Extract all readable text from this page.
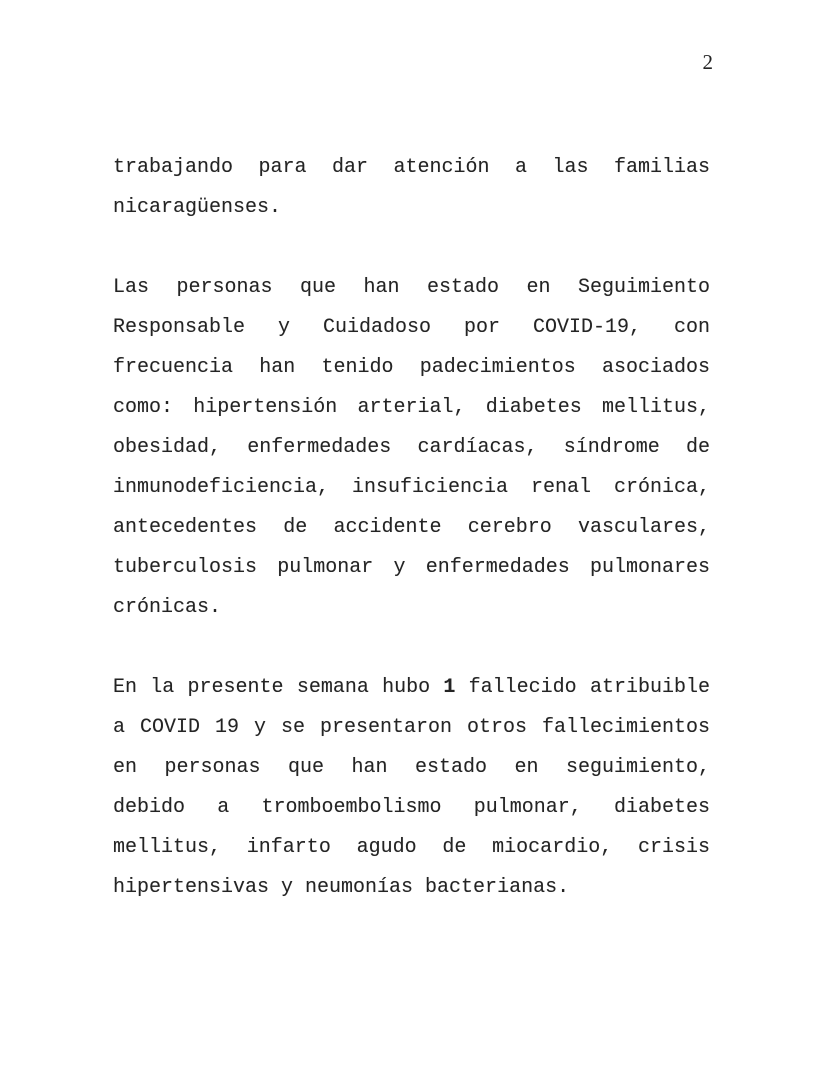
2
trabajando para dar atención a las familias
nicaragüenses.
Las personas que han estado en Seguimiento
Responsable y Cuidadoso por COVID-19, con
frecuencia han tenido padecimientos asociados
como: hipertensión arterial, diabetes mellitus,
obesidad, enfermedades cardíacas, síndrome de
inmunodeficiencia, insuficiencia renal crónica,
antecedentes de accidente cerebro vasculares,
tuberculosis pulmonar y enfermedades pulmonares
crónicas.
En la presente semana hubo 1 fallecido atribuible
a COVID 19 y se presentaron otros fallecimientos
en personas que han estado en seguimiento,
debido a tromboembolismo pulmonar, diabetes
mellitus, infarto agudo de miocardio, crisis
hipertensivas y neumonías bacterianas.
